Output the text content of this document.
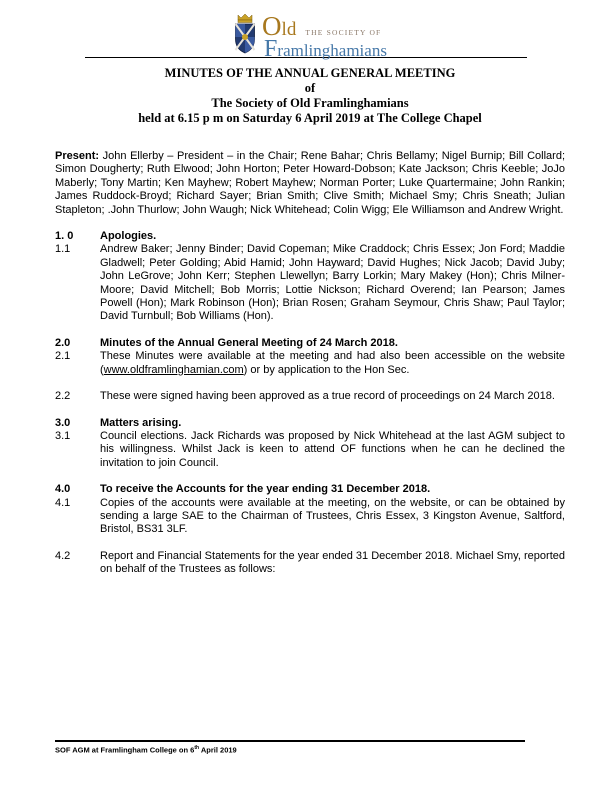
Old THE SOCIETY OF
Framlinghamians
MINUTES OF THE ANNUAL GENERAL MEETING
of
The Society of Old Framlinghamians
held at 6.15 p m on Saturday 6 April 2019 at The College Chapel

Present: John Ellerby – President – in the Chair; Rene Bahar; Chris Bellamy; Nigel Burnip; Bill Collard; Simon Dougherty; Ruth Elwood; John Horton; Peter Howard-Dobson; Kate Jackson; Chris Keeble; JoJo Maberly; Tony Martin; Ken Mayhew; Robert Mayhew; Norman Porter; Luke Quartermaine; John Rankin; James Ruddock-Broyd; Richard Sayer; Brian Smith; Clive Smith; Michael Smy; Chris Sneath; Julian Stapleton; .John Thurlow; John Waugh; Nick Whitehead; Colin Wigg; Ele Williamson and Andrew Wright.

1. 0	Apologies.
1.1	Andrew Baker; Jenny Binder; David Copeman; Mike Craddock; Chris Essex; Jon Ford; Maddie Gladwell; Peter Golding; Abid Hamid; John Hayward; David Hughes; Nick Jacob; David Juby; John LeGrove; John Kerr; Stephen Llewellyn; Barry Lorkin; Mary Makey (Hon); Chris Milner-Moore; David Mitchell; Bob Morris; Lottie Nickson; Richard Overend; Ian Pearson; James Powell (Hon); Mark Robinson (Hon); Brian Rosen; Graham Seymour, Chris Shaw; Paul Taylor; David Turnbull; Bob Williams (Hon).
2.0	Minutes of the Annual General Meeting of 24 March 2018.
2.1	These Minutes were available at the meeting and had also been accessible on the website (www.oldframlinghamian.com) or by application to the Hon Sec.
2.2	These were signed having been approved as a true record of proceedings on 24 March 2018.
3.0	Matters arising.
3.1	Council elections. Jack Richards was proposed by Nick Whitehead at the last AGM subject to his willingness. Whilst Jack is keen to attend OF functions when he can he declined the invitation to join Council.
4.0	To receive the Accounts for the year ending 31 December 2018.
4.1	Copies of the accounts were available at the meeting, on the website, or can be obtained by sending a large SAE to the Chairman of Trustees, Chris Essex, 3 Kingston Avenue, Saltford, Bristol, BS31 3LF.
4.2	Report and Financial Statements for the year ended 31 December 2018. Michael Smy, reported on behalf of the Trustees as follows:
SOF AGM at Framlingham College on 6th April 2019
